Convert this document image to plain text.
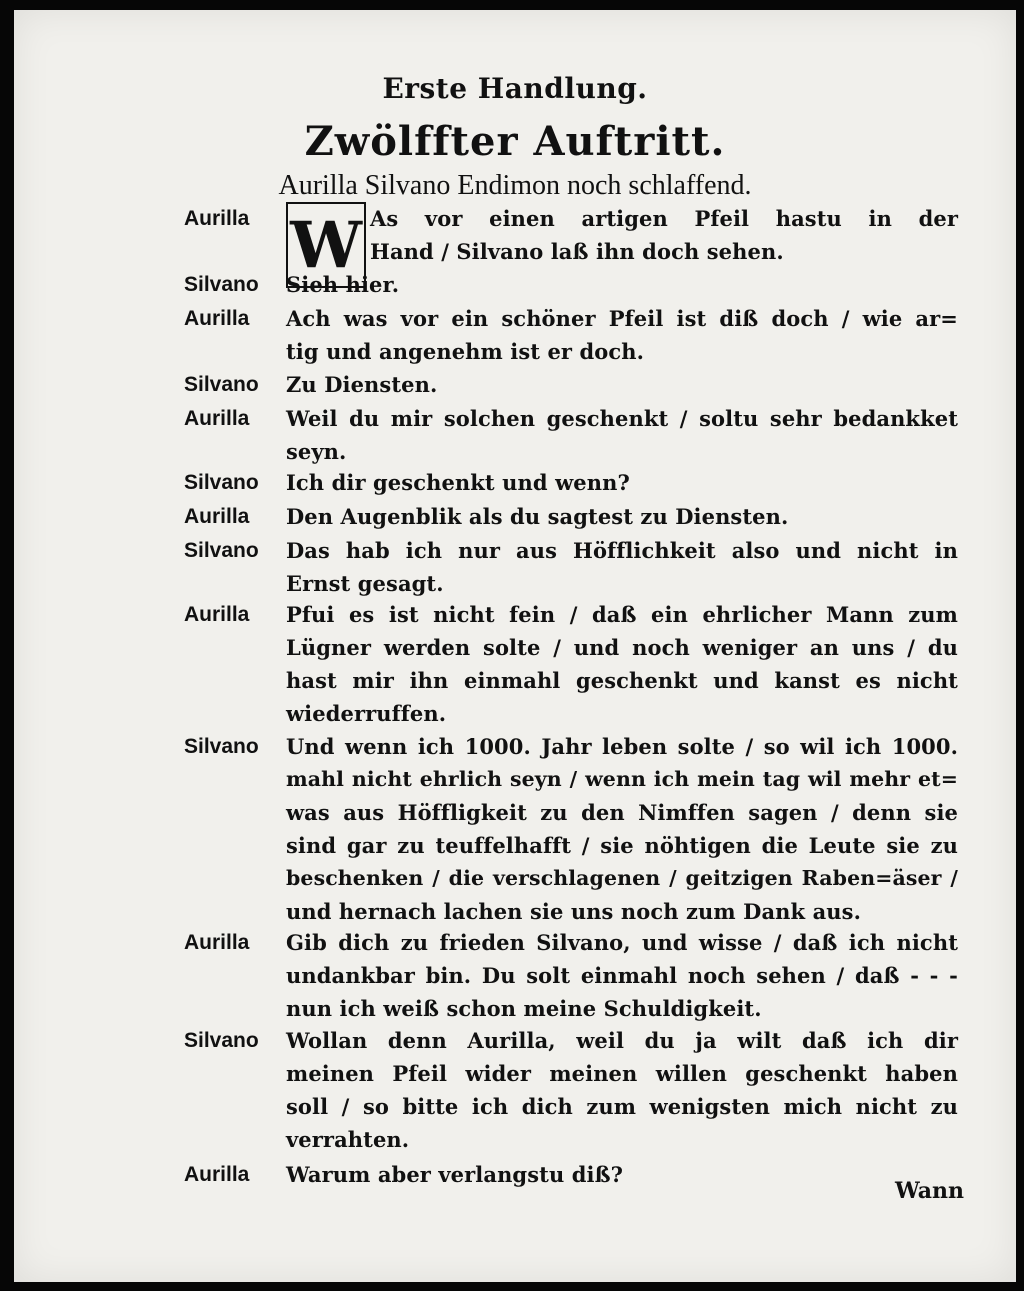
Erste Handlung.
Zwölffter Auftritt.
Aurilla Silvano Endimon noch schlaffend.
W
Aurilla	As vor einen artigen Pfeil hastu in der
Hand / Silvano laß ihn doch sehen.
Silvano	Sieh hier.
Aurilla	Ach was vor ein schöner Pfeil ist diß doch / wie ar=
tig und angenehm ist er doch.
Silvano	Zu Diensten.
Aurilla	Weil du mir solchen geschenkt / soltu sehr bedankket
seyn.
Silvano	Ich dir geschenkt und wenn?
Aurilla	Den Augenblik als du sagtest zu Diensten.
Silvano	Das hab ich nur aus Höfflichkeit also und nicht in
Ernst gesagt.
Aurilla	Pfui es ist nicht fein / daß ein ehrlicher Mann zum
Lügner werden solte / und noch weniger an uns / du
hast mir ihn einmahl geschenkt und kanst es nicht
wiederruffen.
Silvano	Und wenn ich 1000. Jahr leben solte / so wil ich 1000.
mahl nicht ehrlich seyn / wenn ich mein tag wil mehr et=
was aus Höffligkeit zu den Nimffen sagen / denn sie
sind gar zu teuffelhafft / sie nöhtigen die Leute sie zu
beschenken / die verschlagenen / geitzigen Raben=äser /
und hernach lachen sie uns noch zum Dank aus.
Aurilla	Gib dich zu frieden Silvano, und wisse / daß ich nicht
undankbar bin. Du solt einmahl noch sehen / daß - - -
nun ich weiß schon meine Schuldigkeit.
Silvano	Wollan denn Aurilla, weil du ja wilt daß ich dir
meinen Pfeil wider meinen willen geschenkt haben
soll / so bitte ich dich zum wenigsten mich nicht zu
verrahten.
Aurilla	Warum aber verlangstu diß?
Wann
